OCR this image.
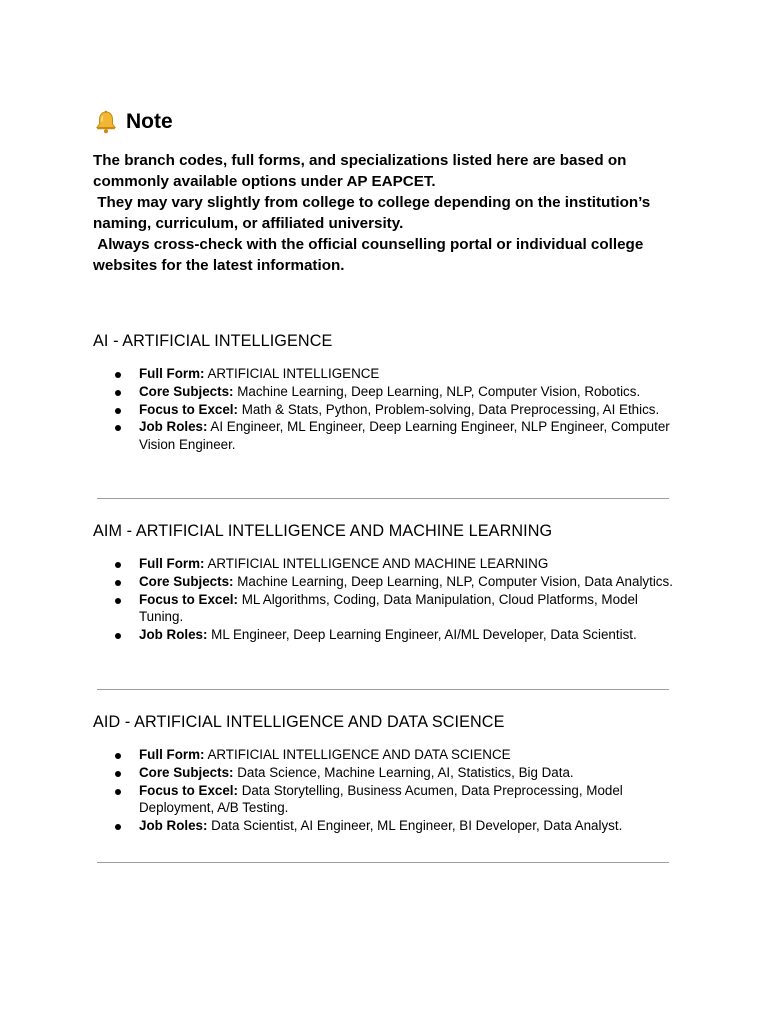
Note

The branch codes, full forms, and specializations listed here are based on commonly available options under AP EAPCET.

They may vary slightly from college to college depending on the institution’s naming, curriculum, or affiliated university.

Always cross-check with the official counselling portal or individual college websites for the latest information.

AI - ARTIFICIAL INTELLIGENCE
Full Form: ARTIFICIAL INTELLIGENCE
Core Subjects: Machine Learning, Deep Learning, NLP, Computer Vision, Robotics.
Focus to Excel: Math & Stats, Python, Problem-solving, Data Preprocessing, AI Ethics.
Job Roles: AI Engineer, ML Engineer, Deep Learning Engineer, NLP Engineer, Computer Vision Engineer.
AIM - ARTIFICIAL INTELLIGENCE AND MACHINE LEARNING
Full Form: ARTIFICIAL INTELLIGENCE AND MACHINE LEARNING
Core Subjects: Machine Learning, Deep Learning, NLP, Computer Vision, Data Analytics.
Focus to Excel: ML Algorithms, Coding, Data Manipulation, Cloud Platforms, Model Tuning.
Job Roles: ML Engineer, Deep Learning Engineer, AI/ML Developer, Data Scientist.
AID - ARTIFICIAL INTELLIGENCE AND DATA SCIENCE
Full Form: ARTIFICIAL INTELLIGENCE AND DATA SCIENCE
Core Subjects: Data Science, Machine Learning, AI, Statistics, Big Data.
Focus to Excel: Data Storytelling, Business Acumen, Data Preprocessing, Model Deployment, A/B Testing.
Job Roles: Data Scientist, AI Engineer, ML Engineer, BI Developer, Data Analyst.
